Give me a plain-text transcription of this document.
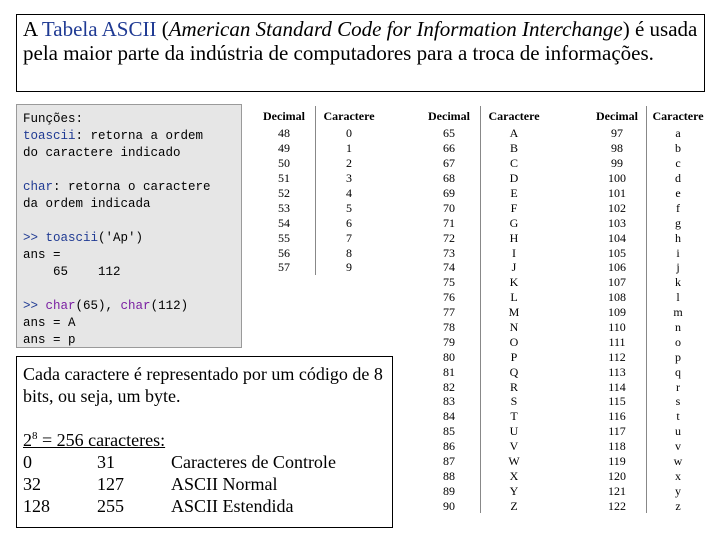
A Tabela ASCII (American Standard Code for Information Interchange) é usada pela maior parte da indústria de computadores para a troca de informações.
Funções:
toascii: retorna a ordem
do caractere indicado
char: retorna o caractere
da ordem indicada
>> toascii('Ap')
ans =
65    112
>> char(65), char(112)
ans = A
ans = p
Cada caractere é representado por um código de 8 bits, ou seja, um byte.
$2^8 = 256$ caracteres:
0	31	Caracteres de Controle
32	127	ASCII Normal
128	255	ASCII Estendida
Decimal	Caractere
48	0
49	1
50	2
51	3
52	4
53	5
54	6
55	7
56	8
57	9
Decimal	Caractere
65	A
66	B
67	C
68	D
69	E
70	F
71	G
72	H
73	I
74	J
75	K
76	L
77	M
78	N
79	O
80	P
81	Q
82	R
83	S
84	T
85	U
86	V
87	W
88	X
89	Y
90	Z
Decimal	Caractere
97	a
98	b
99	c
100	d
101	e
102	f
103	g
104	h
105	i
106	j
107	k
108	l
109	m
110	n
111	o
112	p
113	q
114	r
115	s
116	t
117	u
118	v
119	w
120	x
121	y
122	z
